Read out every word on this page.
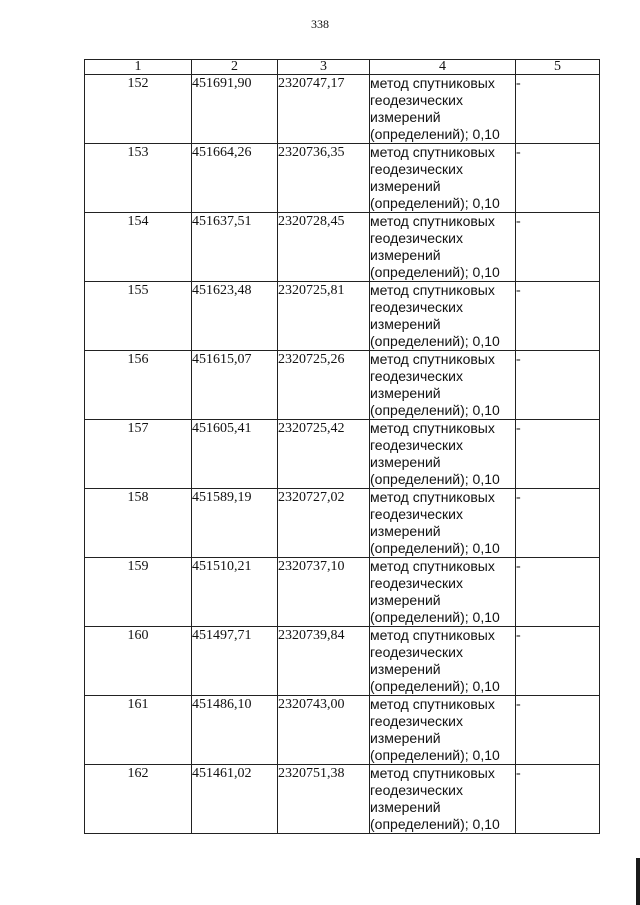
338
1	2	3	4	5
152	451691,90	2320747,17	метод спутниковых
геодезических
измерений
(определений); 0,10	-
153	451664,26	2320736,35	метод спутниковых
геодезических
измерений
(определений); 0,10	-
154	451637,51	2320728,45	метод спутниковых
геодезических
измерений
(определений); 0,10	-
155	451623,48	2320725,81	метод спутниковых
геодезических
измерений
(определений); 0,10	-
156	451615,07	2320725,26	метод спутниковых
геодезических
измерений
(определений); 0,10	-
157	451605,41	2320725,42	метод спутниковых
геодезических
измерений
(определений); 0,10	-
158	451589,19	2320727,02	метод спутниковых
геодезических
измерений
(определений); 0,10	-
159	451510,21	2320737,10	метод спутниковых
геодезических
измерений
(определений); 0,10	-
160	451497,71	2320739,84	метод спутниковых
геодезических
измерений
(определений); 0,10	-
161	451486,10	2320743,00	метод спутниковых
геодезических
измерений
(определений); 0,10	-
162	451461,02	2320751,38	метод спутниковых
геодезических
измерений
(определений); 0,10	-
